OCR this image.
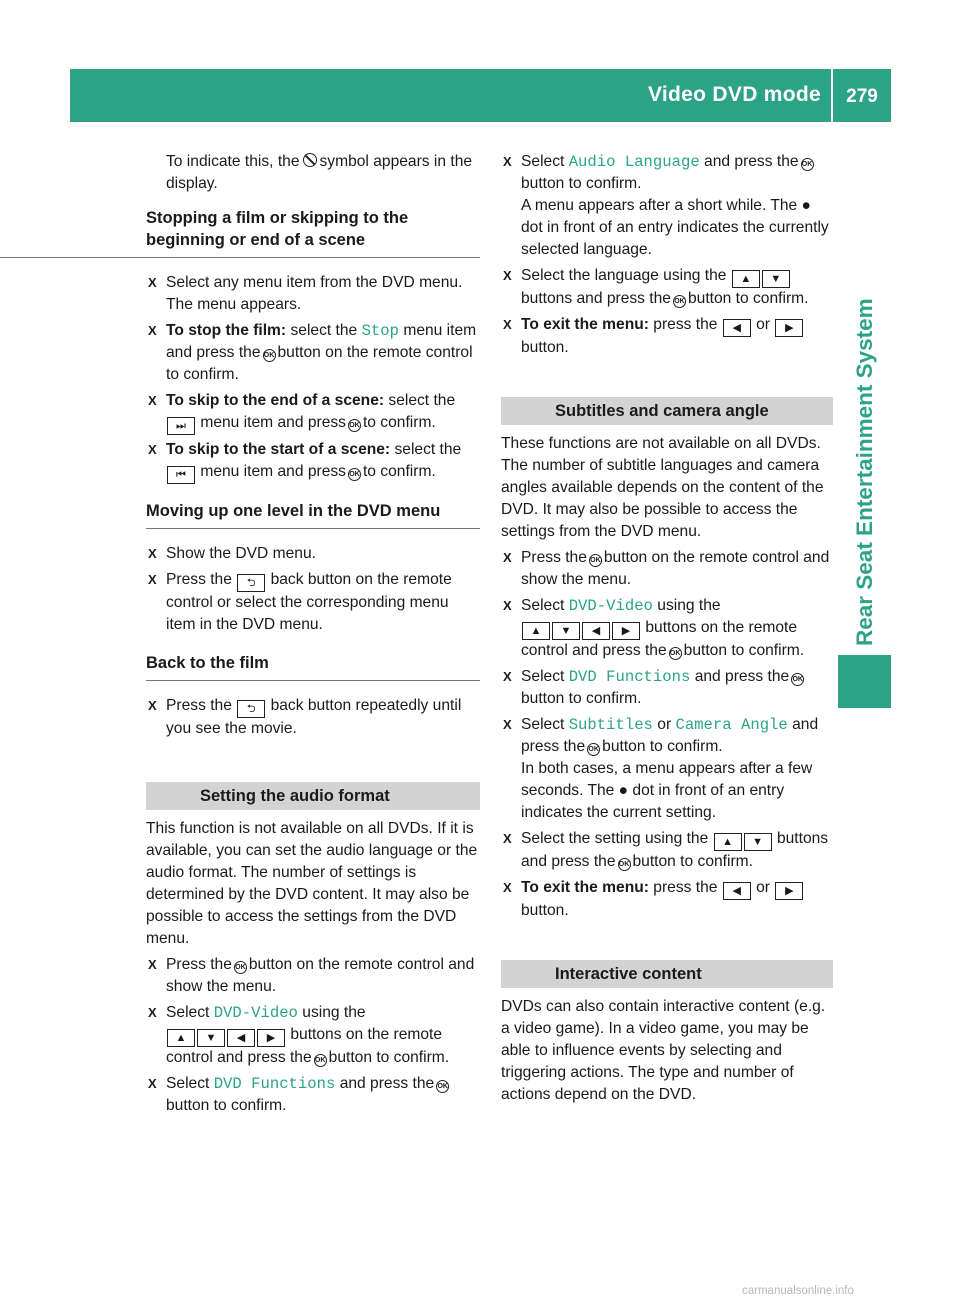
Video DVD mode	279
Rear Seat Entertainment System

To indicate this, the symbol appears in the display.

Stopping a film or skipping to the beginning or end of a scene
X Select any menu item from the DVD menu. The menu appears.
X To stop the film: select the Stop menu item and press the OK button on the remote control to confirm.
X To skip to the end of a scene: select the ⏭ menu item and press OK to confirm.
X To skip to the start of a scene: select the ⏮ menu item and press OK to confirm.
Moving up one level in the DVD menu
X Show the DVD menu.
X Press the ⮌ back button on the remote control or select the corresponding menu item in the DVD menu.
Back to the film
X Press the ⮌ back button repeatedly until you see the movie.
Setting the audio format

This function is not available on all DVDs. If it is available, you can set the audio language or the audio format. The number of settings is determined by the DVD content. It may also be possible to access the settings from the DVD menu.

X Press the OK button on the remote control and show the menu.
X Select DVD-Video using the
▲ ▼ ◀ ▶ buttons on the remote control and press the OK button to confirm.
X Select DVD Functions and press the OK button to confirm.
X Select Audio Language and press the OK button to confirm.
A menu appears after a short while. The ● dot in front of an entry indicates the currently selected language.
X Select the language using the ▲ ▼ buttons and press the OK button to confirm.
X To exit the menu: press the ◀ or ▶
button.
Subtitles and camera angle

These functions are not available on all DVDs. The number of subtitle languages and camera angles available depends on the content of the DVD. It may also be possible to access the settings from the DVD menu.

X Press the OK button on the remote control and show the menu.
X Select DVD-Video using the
▲ ▼ ◀ ▶ buttons on the remote control and press the OK button to confirm.
X Select DVD Functions and press the OK button to confirm.
X Select Subtitles or Camera Angle and press the OK button to confirm.
In both cases, a menu appears after a few seconds. The ● dot in front of an entry indicates the current setting.
X Select the setting using the ▲ ▼ buttons and press the OK button to confirm.
X To exit the menu: press the ◀ or ▶
button.
Interactive content

DVDs can also contain interactive content (e.g. a video game). In a video game, you may be able to influence events by selecting and triggering actions. The type and number of actions depend on the DVD.

carmanualsonline.info
